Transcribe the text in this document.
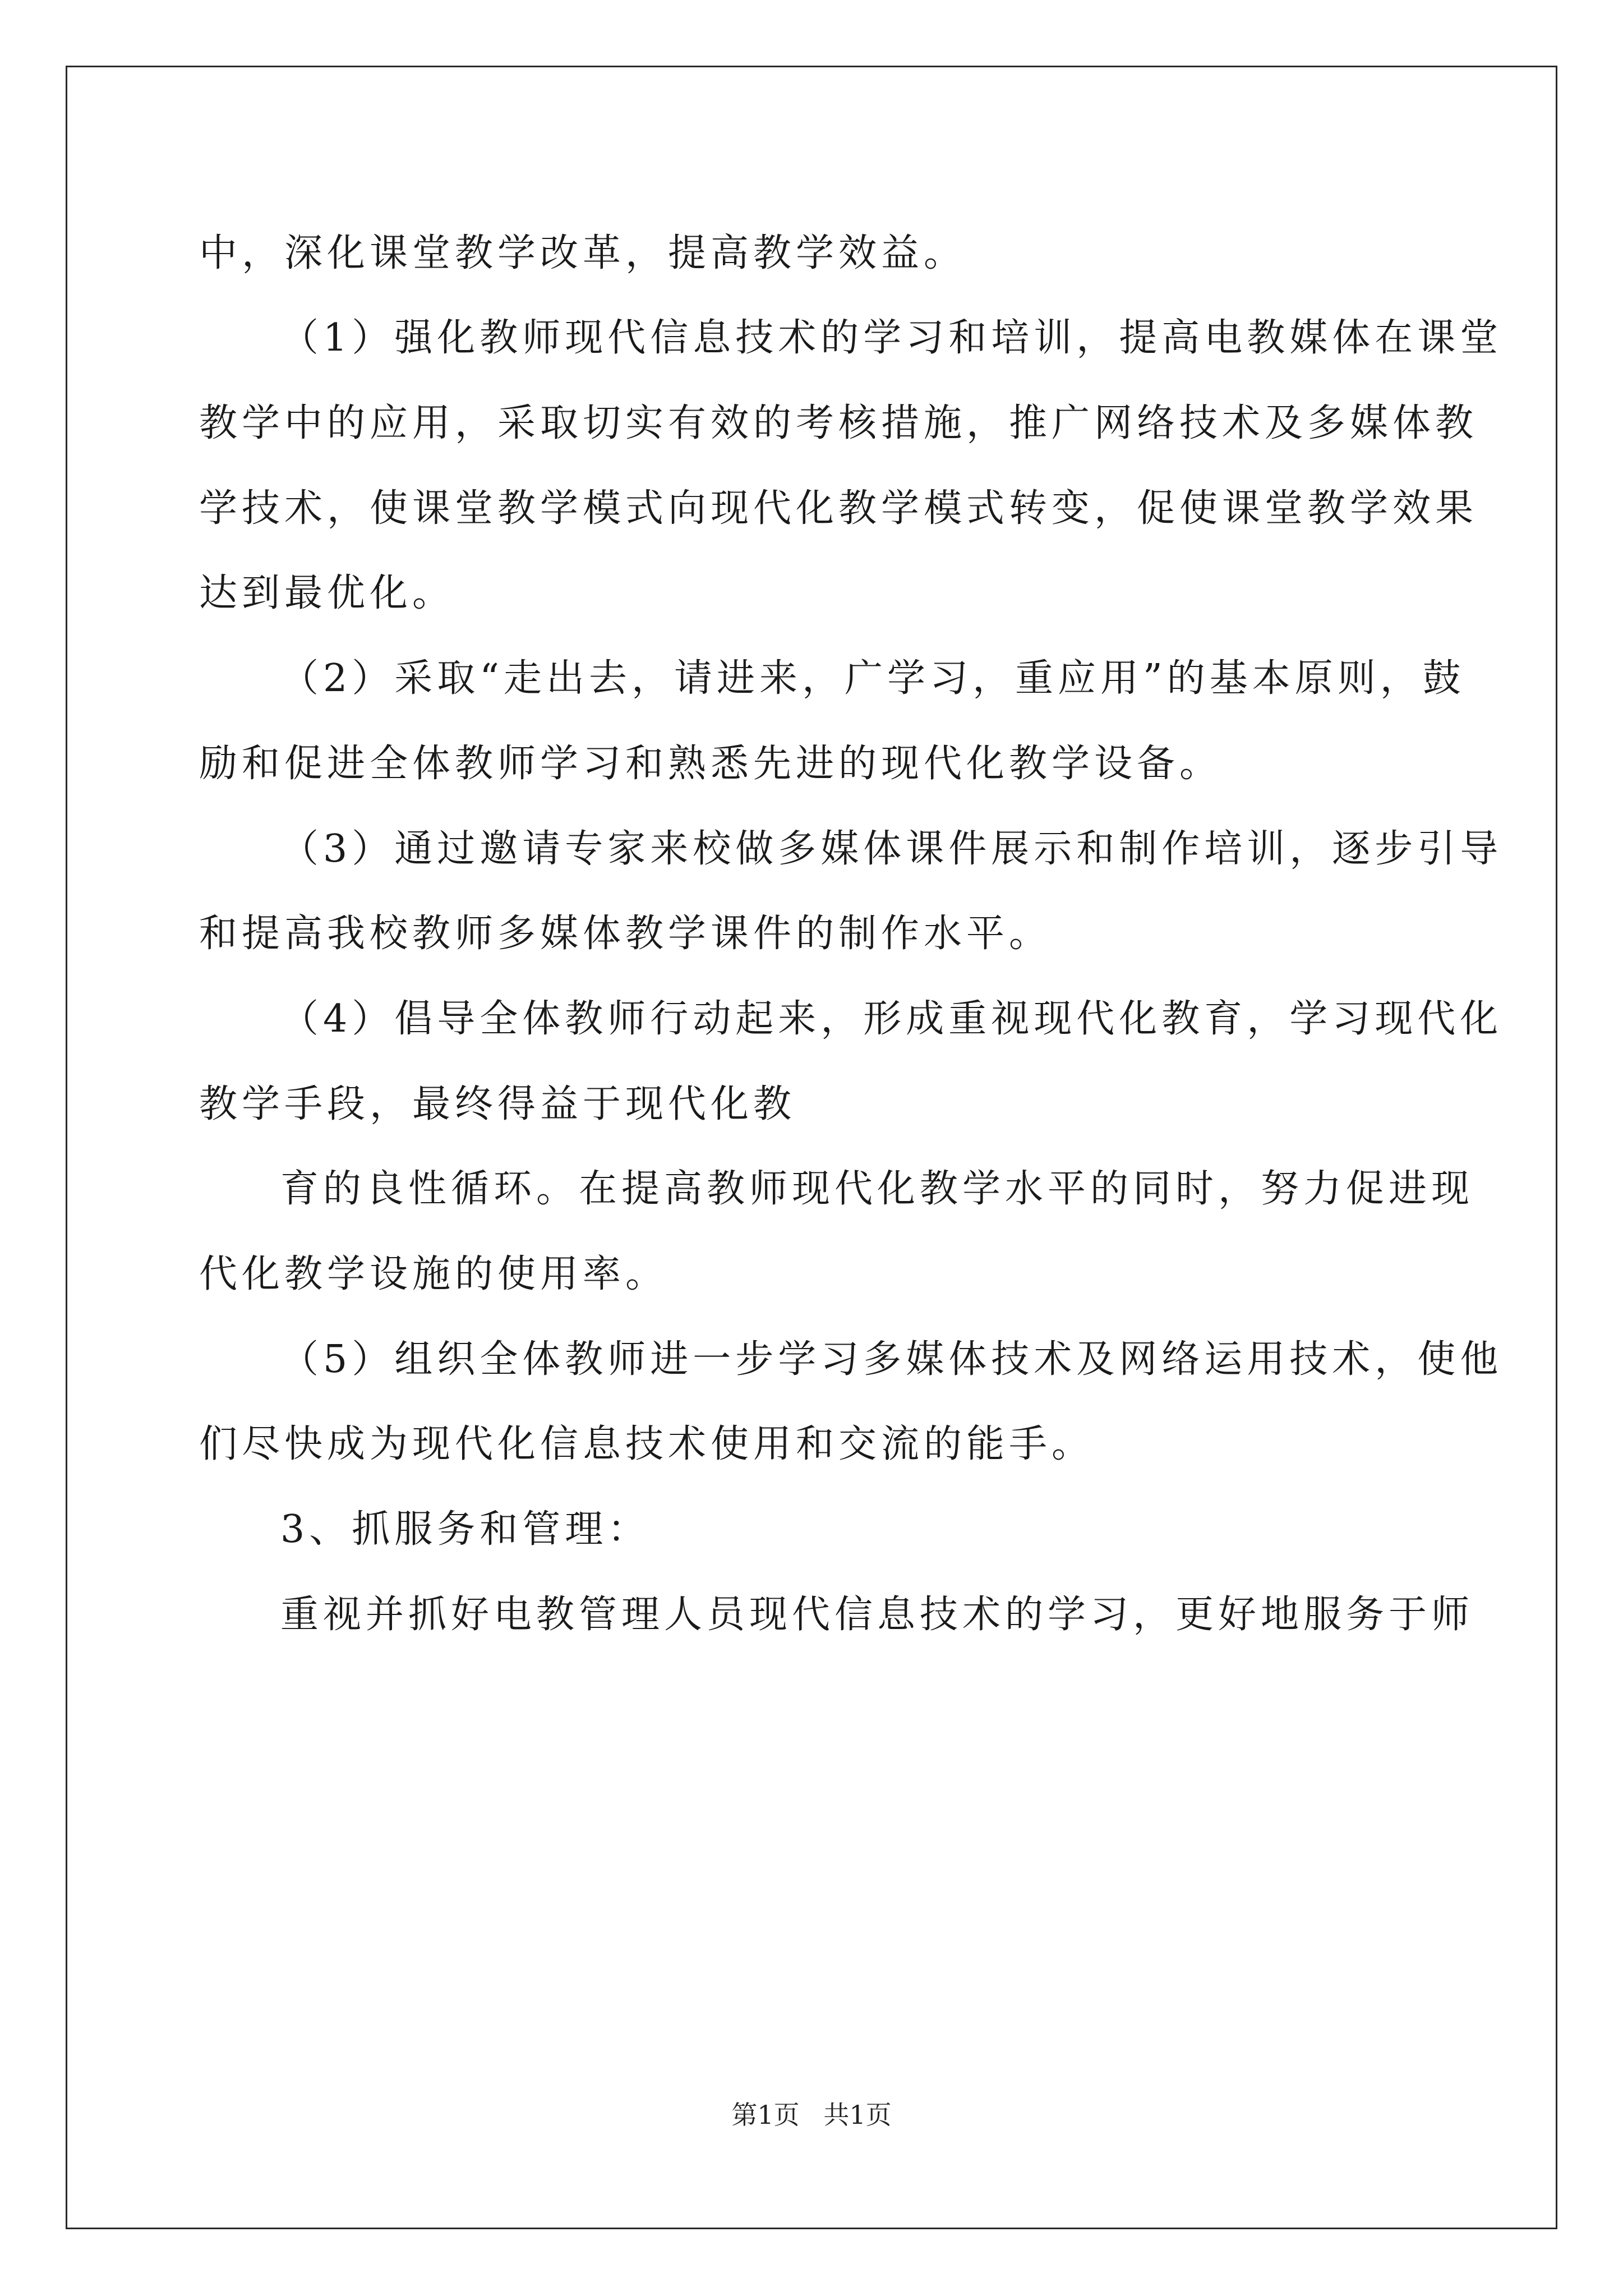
中，深化课堂教学改革，提高教学效益。
（1）强化教师现代信息技术的学习和培训，提高电教媒体在课堂
教学中的应用，采取切实有效的考核措施，推广网络技术及多媒体教
学技术，使课堂教学模式向现代化教学模式转变，促使课堂教学效果
达到最优化。
（2）采取“走出去，请进来，广学习，重应用”的基本原则，鼓
励和促进全体教师学习和熟悉先进的现代化教学设备。
（3）通过邀请专家来校做多媒体课件展示和制作培训，逐步引导
和提高我校教师多媒体教学课件的制作水平。
（4）倡导全体教师行动起来，形成重视现代化教育，学习现代化
教学手段，最终得益于现代化教
育的良性循环。在提高教师现代化教学水平的同时，努力促进现
代化教学设施的使用率。
（5）组织全体教师进一步学习多媒体技术及网络运用技术，使他
们尽快成为现代化信息技术使用和交流的能手。
3、抓服务和管理：
重视并抓好电教管理人员现代信息技术的学习，更好地服务于师
第1页 共1页
